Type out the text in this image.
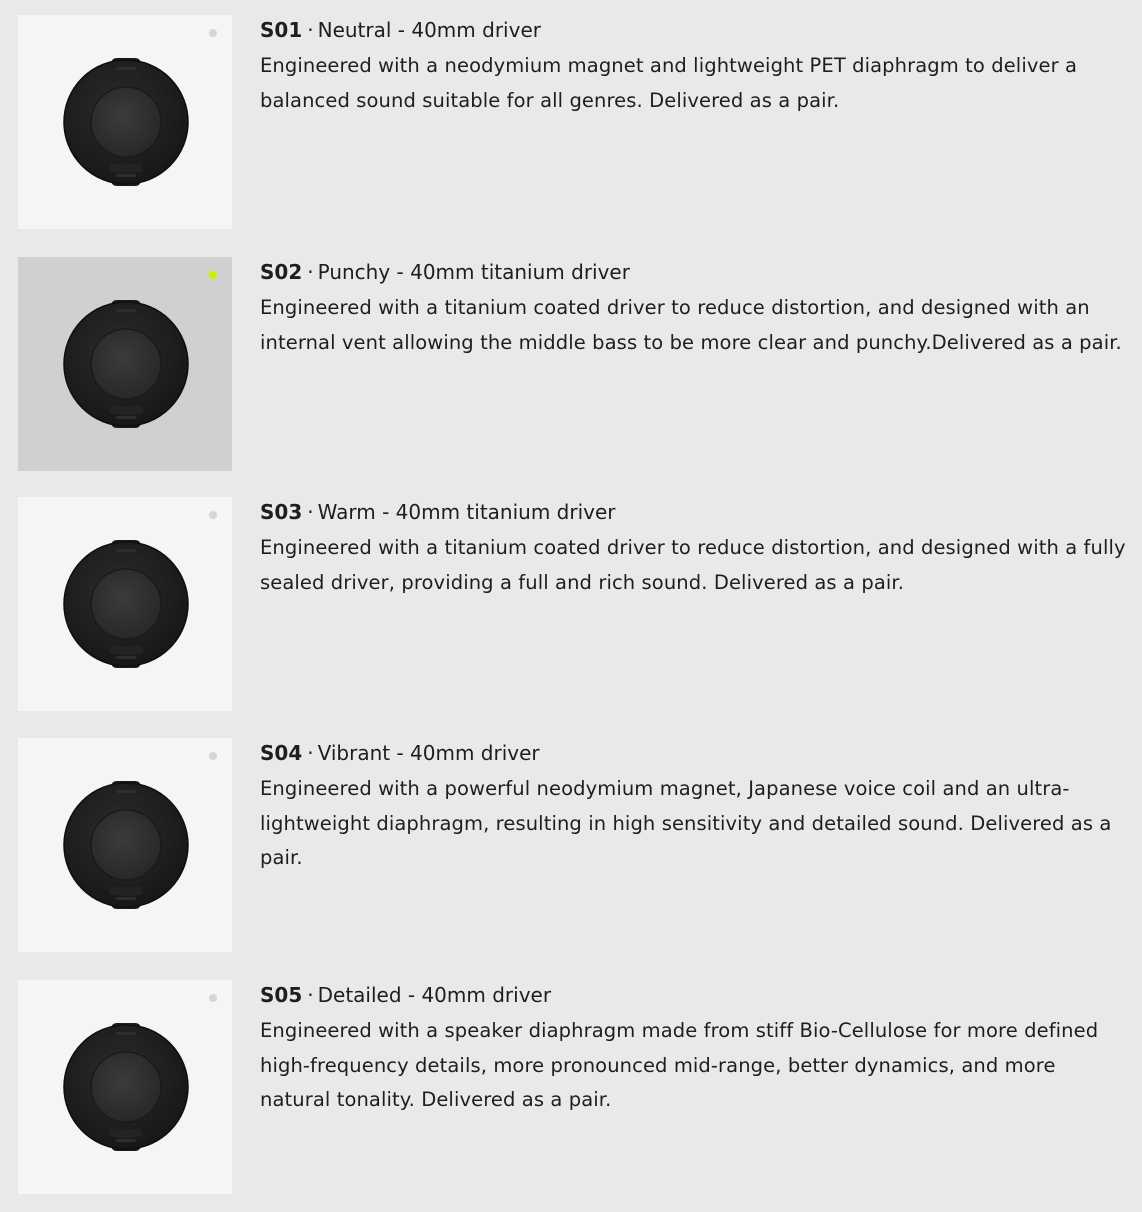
S01 · Neutral - 40mm driver

Engineered with a neodymium magnet and lightweight PET diaphragm to deliver a balanced sound suitable for all genres. Delivered as a pair.

S02 · Punchy - 40mm titanium driver

Engineered with a titanium coated driver to reduce distortion, and designed with an internal vent allowing the middle bass to be more clear and punchy.Delivered as a pair.

S03 · Warm - 40mm titanium driver

Engineered with a titanium coated driver to reduce distortion, and designed with a fully sealed driver, providing a full and rich sound. Delivered as a pair.

S04 · Vibrant - 40mm driver

Engineered with a powerful neodymium magnet, Japanese voice coil and an ultra-lightweight diaphragm, resulting in high sensitivity and detailed sound. Delivered as a pair.

S05 · Detailed - 40mm driver

Engineered with a speaker diaphragm made from stiff Bio-Cellulose for more defined high-frequency details, more pronounced mid-range, better dynamics, and more natural tonality. Delivered as a pair.
